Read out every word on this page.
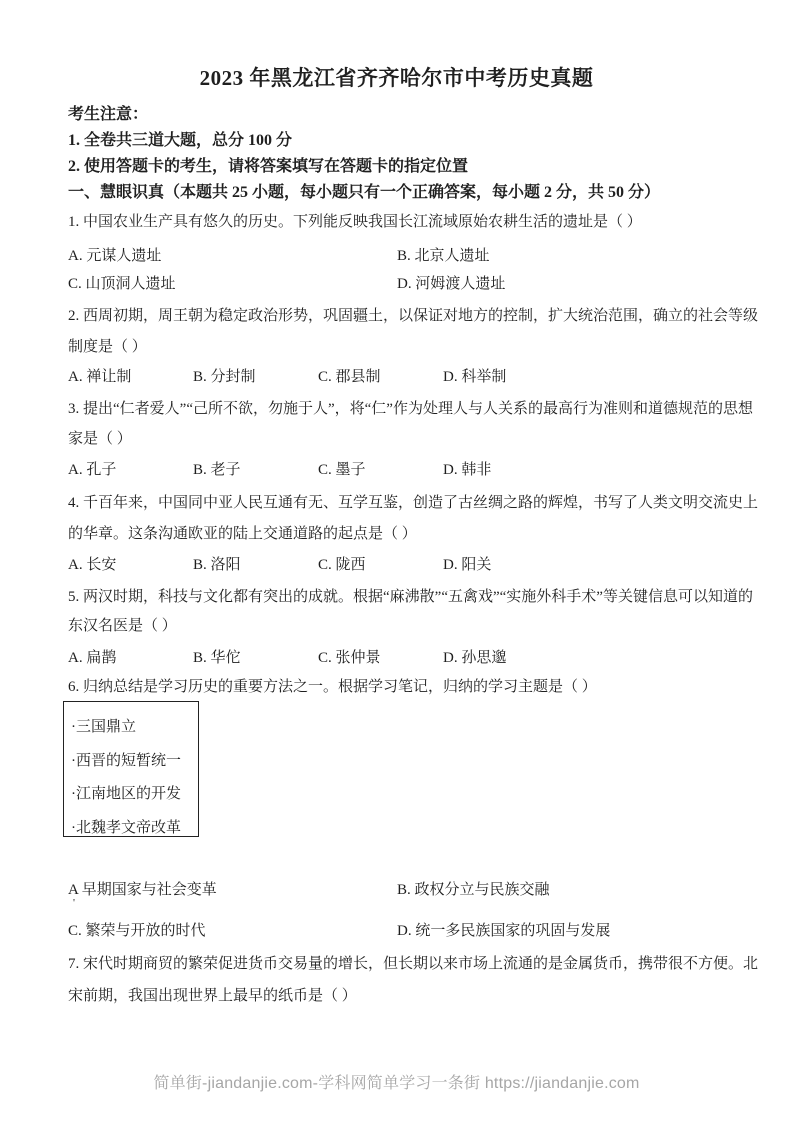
2023 年黑龙江省齐齐哈尔市中考历史真题
考生注意：
1. 全卷共三道大题，总分 100 分
2. 使用答题卡的考生，请将答案填写在答题卡的指定位置
一、慧眼识真（本题共 25 小题，每小题只有一个正确答案，每小题 2 分，共 50 分）
1. 中国农业生产具有悠久的历史。下列能反映我国长江流域原始农耕生活的遗址是（ ）
A. 元谋人遗址	B. 北京人遗址
C. 山顶洞人遗址	D. 河姆渡人遗址
2. 西周初期，周王朝为稳定政治形势，巩固疆土，以保证对地方的控制，扩大统治范围，确立的社会等级
制度是（ ）
A. 禅让制	B. 分封制	C. 郡县制	D. 科举制
3. 提出“仁者爱人”“己所不欲，勿施于人”，将“仁”作为处理人与人关系的最高行为准则和道德规范的思想
家是（ ）
A. 孔子	B. 老子	C. 墨子	D. 韩非
4. 千百年来，中国同中亚人民互通有无、互学互鉴，创造了古丝绸之路的辉煌，书写了人类文明交流史上
的华章。这条沟通欧亚的陆上交通道路的起点是（ ）
A. 长安	B. 洛阳	C. 陇西	D. 阳关
5. 两汉时期，科技与文化都有突出的成就。根据“麻沸散”“五禽戏”“实施外科手术”等关键信息可以知道的
东汉名医是（ ）
A. 扁鹊	B. 华佗	C. 张仲景	D. 孙思邈
6. 归纳总结是学习历史的重要方法之一。根据学习笔记，归纳的学习主题是（ ）
·三国鼎立
·西晋的短暂统一
·江南地区的开发
·北魏孝文帝改革
A 早期国家与社会变革	B. 政权分立与民族交融
'
C. 繁荣与开放的时代	D. 统一多民族国家的巩固与发展
7. 宋代时期商贸的繁荣促进货币交易量的增长，但长期以来市场上流通的是金属货币，携带很不方便。北
宋前期，我国出现世界上最早的纸币是（ ）
简单街-jiandanjie.com-学科网简单学习一条街 https://jiandanjie.com
